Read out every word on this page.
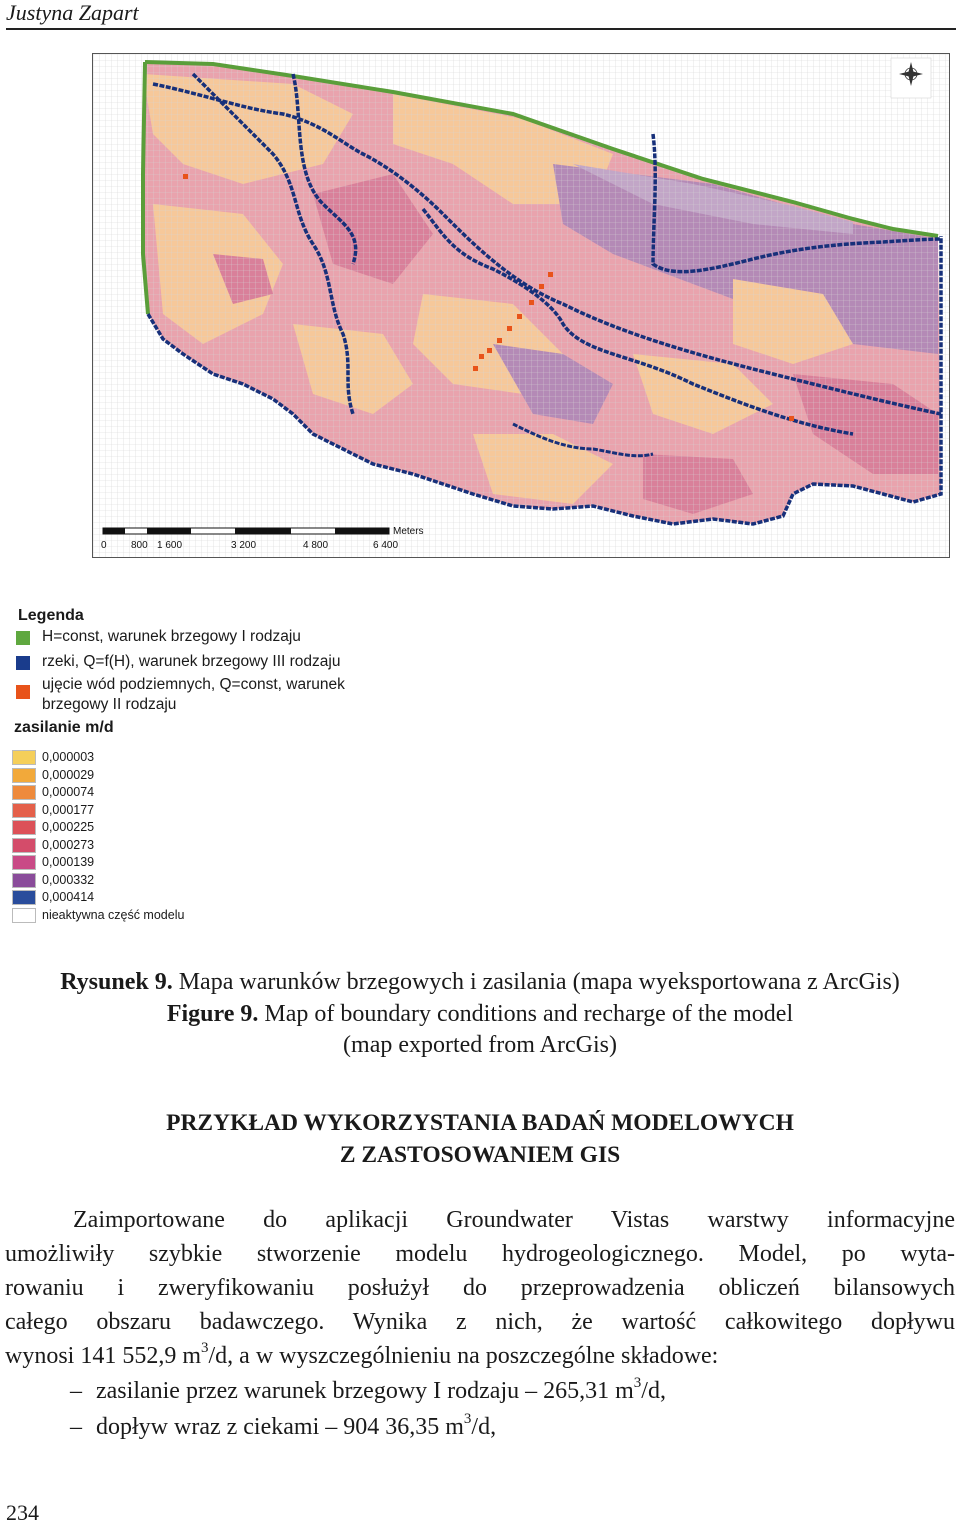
Justyna Zapart
Meters
0 800 1 600	3 200	4 800	6 400
Legenda
H=const, warunek brzegowy I rodzaju
rzeki, Q=f(H), warunek brzegowy III rodzaju
ujęcie wód podziemnych, Q=const, warunek
brzegowy II rodzaju
zasilanie m/d
0,000003
0,000029
0,000074
0,000177
0,000225
0,000273
0,000139
0,000332
0,000414
nieaktywna część modelu
Rysunek 9. Mapa warunków brzegowych i zasilania (mapa wyeksportowana z ArcGis)
Figure 9. Map of boundary conditions and recharge of the model
(map exported from ArcGis)
PRZYKŁAD WYKORZYSTANIA BADAŃ MODELOWYCH
Z ZASTOSOWANIEM GIS
Zaimportowane do aplikacji Groundwater Vistas warstwy informacyjne
umożliwiły szybkie stworzenie modelu hydrogeologicznego. Model, po wyta-
rowaniu i zweryfikowaniu posłużył do przeprowadzenia obliczeń bilansowych
całego obszaru badawczego. Wynika z nich, że wartość całkowitego dopływu
wynosi 141 552,9 $m^3/d$, a w wyszczególnieniu na poszczególne składowe:
– zasilanie przez warunek brzegowy I rodzaju – 265,31 $m^3/d$,
– dopływ wraz z ciekami – 904 36,35 $m^3/d$,
234
